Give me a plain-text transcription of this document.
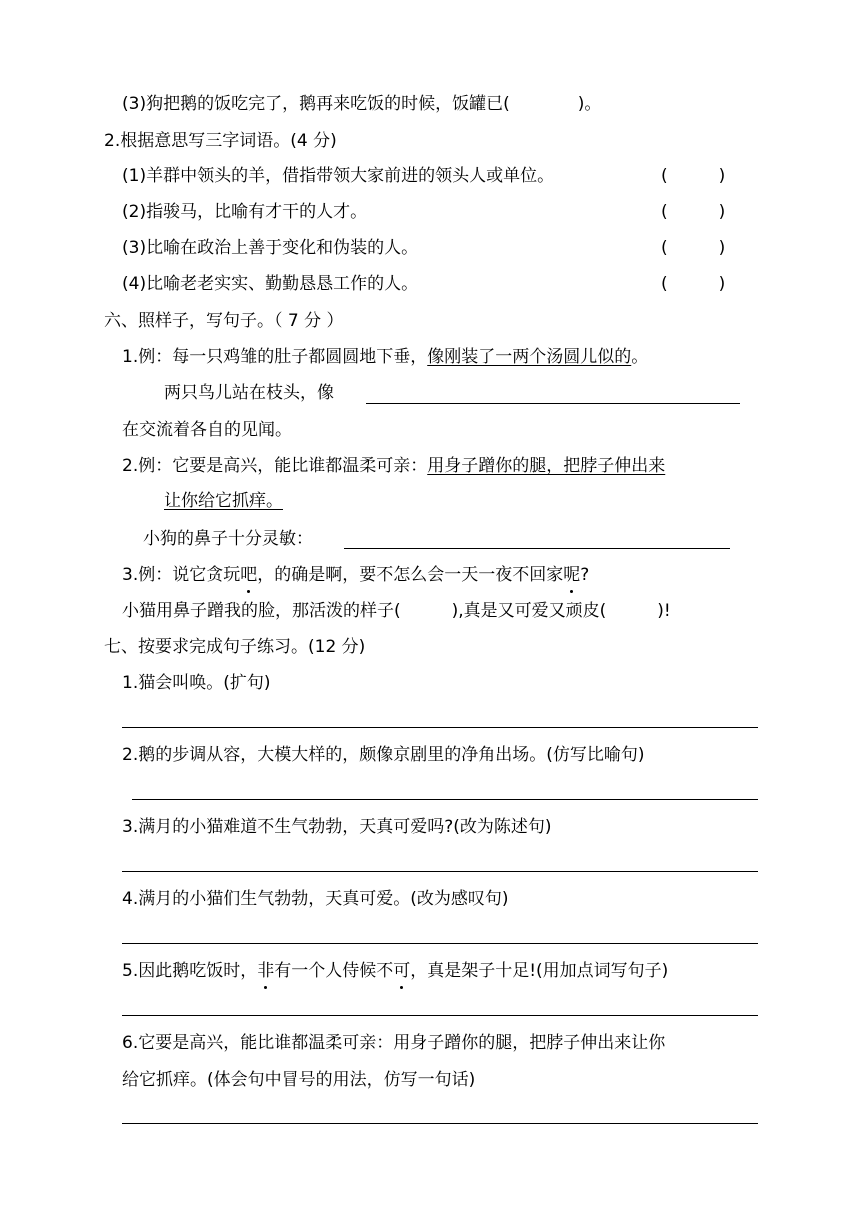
(3)狗把鹅的饭吃完了，鹅再来吃饭的时候，饭罐已(　　　　)。
2.根据意思写三字词语。(4 分)
(1)羊群中领头的羊，借指带领大家前进的领头人或单位。	(　　　)
(2)指骏马，比喻有才干的人才。	(　　　)
(3)比喻在政治上善于变化和伪装的人。	(　　　)
(4)比喻老老实实、勤勤恳恳工作的人。	(　　　)
六、照样子，写句子。（ 7 分 ）
1.例：每一只鸡雏的肚子都圆圆地下垂，像刚装了一两个汤圆儿似的。
两只鸟儿站在枝头，像
在交流着各自的见闻。
2.例：它要是高兴，能比谁都温柔可亲：用身子蹭你的腿，把脖子伸出来
让你给它抓痒。
小狗的鼻子十分灵敏：
3.例：说它贪玩吧，的确是啊，要不怎么会一天一夜不回家呢?
小猫用鼻子蹭我的脸，那活泼的样子(　　　),真是又可爱又顽皮(　　　)!
七、按要求完成句子练习。(12 分)
1.猫会叫唤。(扩句)
2.鹅的步调从容，大模大样的，颇像京剧里的净角出场。(仿写比喻句)
3.满月的小猫难道不生气勃勃，天真可爱吗?(改为陈述句)
4.满月的小猫们生气勃勃，天真可爱。(改为感叹句)
5.因此鹅吃饭时，非有一个人侍候不可，真是架子十足!(用加点词写句子)
6.它要是高兴，能比谁都温柔可亲：用身子蹭你的腿，把脖子伸出来让你
给它抓痒。(体会句中冒号的用法，仿写一句话)
